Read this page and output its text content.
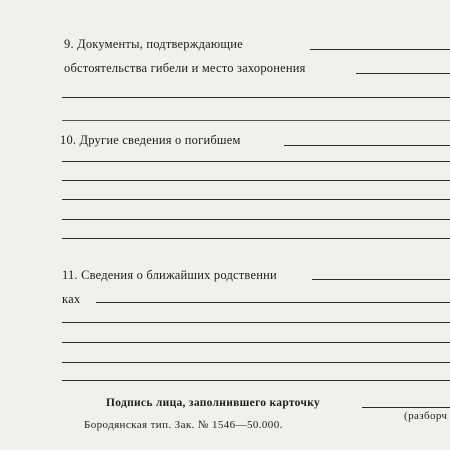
9. Документы, подтверждающие
обстоятельства гибели и место захоронения
10. Другие сведения о погибшем
11. Сведения о ближайших родственни
ках
Подпись лица, заполнившего карточку
(разборч
Бородянская тип. Зак. № 1546—50.000.
